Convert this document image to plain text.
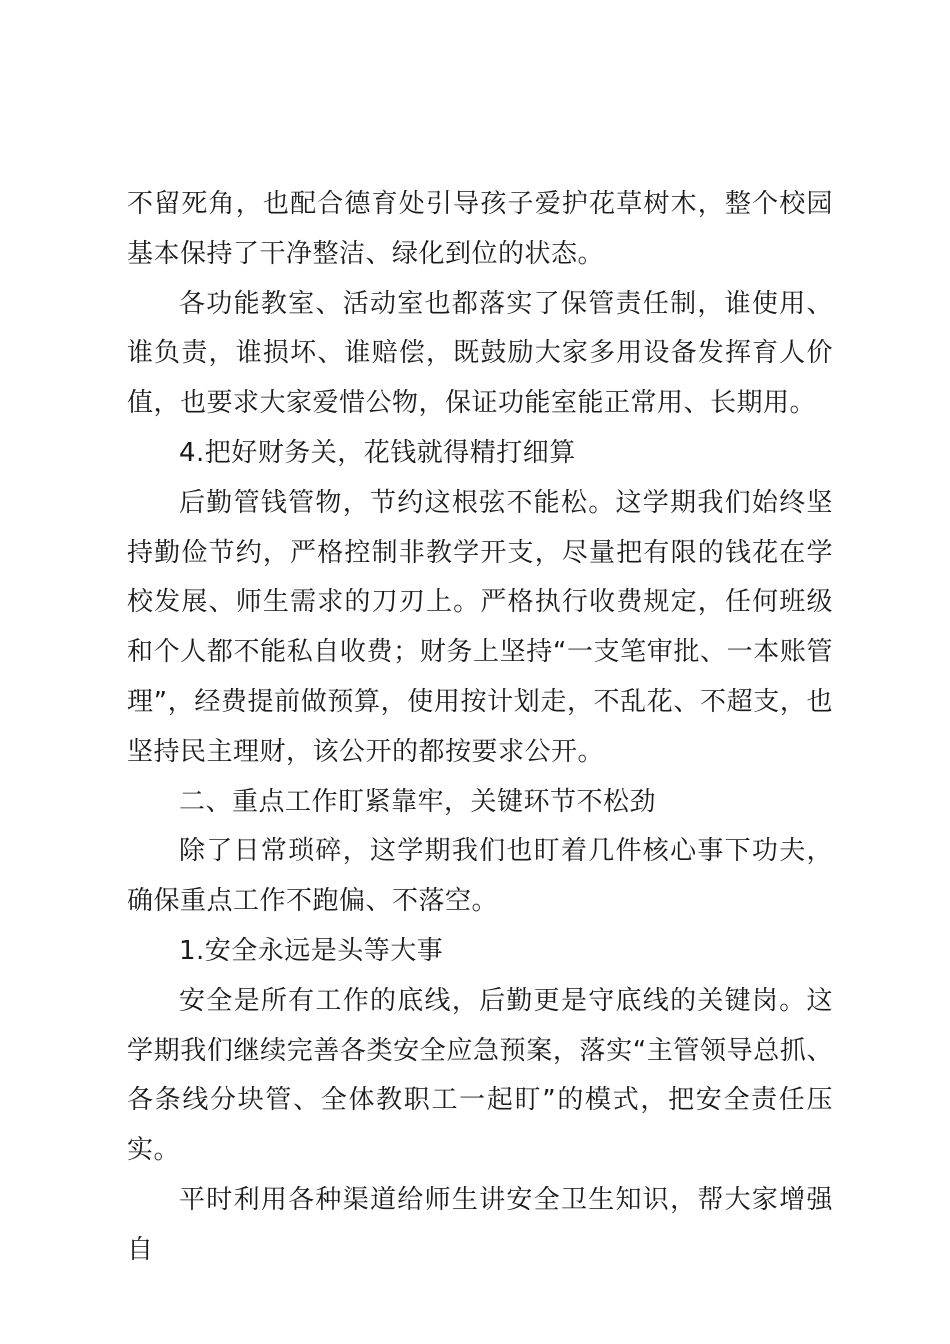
不留死角，也配合德育处引导孩子爱护花草树木，整个校园基本保持了干净整洁、绿化到位的状态。

各功能教室、活动室也都落实了保管责任制，谁使用、谁负责，谁损坏、谁赔偿，既鼓励大家多用设备发挥育人价值，也要求大家爱惜公物，保证功能室能正常用、长期用。

4.把好财务关，花钱就得精打细算

后勤管钱管物，节约这根弦不能松。这学期我们始终坚持勤俭节约，严格控制非教学开支，尽量把有限的钱花在学校发展、师生需求的刀刃上。严格执行收费规定，任何班级和个人都不能私自收费；财务上坚持“一支笔审批、一本账管理”，经费提前做预算，使用按计划走，不乱花、不超支，也坚持民主理财，该公开的都按要求公开。

二、重点工作盯紧靠牢，关键环节不松劲

除了日常琐碎，这学期我们也盯着几件核心事下功夫，确保重点工作不跑偏、不落空。

1.安全永远是头等大事

安全是所有工作的底线，后勤更是守底线的关键岗。这学期我们继续完善各类安全应急预案，落实“主管领导总抓、各条线分块管、全体教职工一起盯”的模式，把安全责任压实。

平时利用各种渠道给师生讲安全卫生知识，帮大家增强自
